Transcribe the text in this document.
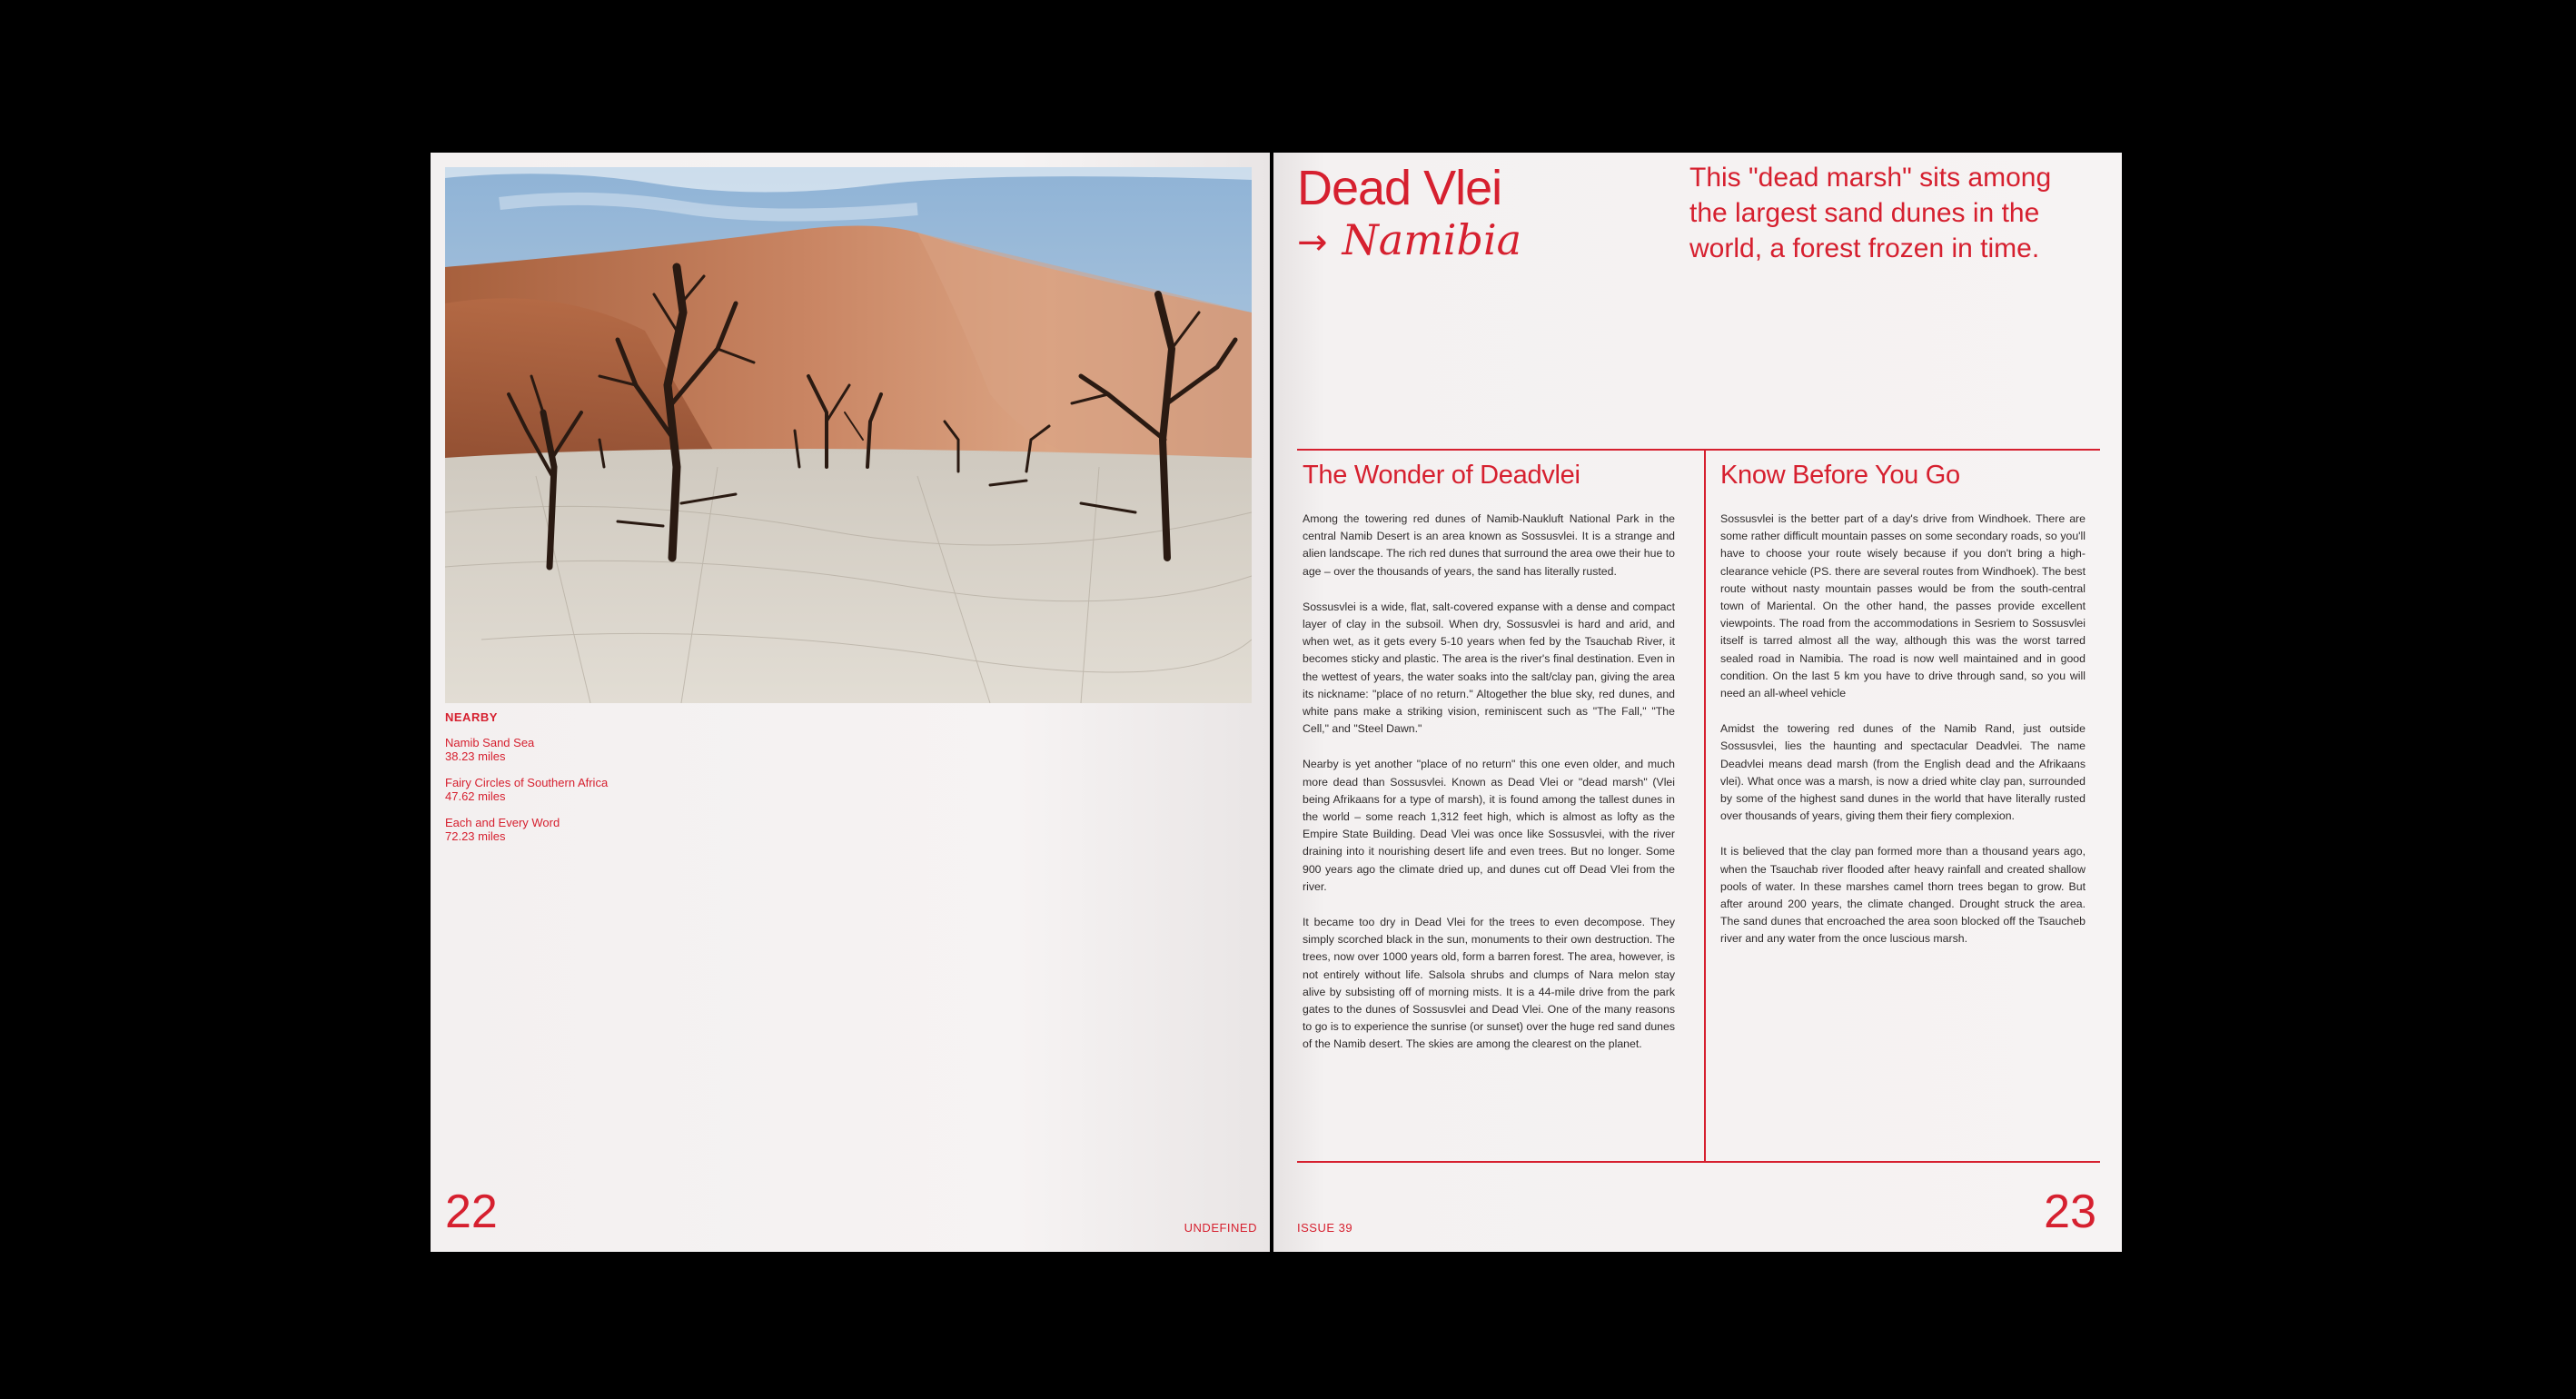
NEARBY
Namib Sand Sea
38.23 miles
Fairy Circles of Southern Africa
47.62 miles
Each and Every Word
72.23 miles
22	UNDEFINED
Dead Vlei
→ Namibia

This "dead marsh" sits among the largest sand dunes in the world, a forest frozen in time.

The Wonder of Deadvlei

Among the towering red dunes of Namib-Naukluft National Park in the central Namib Desert is an area known as Sossusvlei. It is a strange and alien landscape. The rich red dunes that surround the area owe their hue to age – over the thousands of years, the sand has literally rusted.

Sossusvlei is a wide, flat, salt-covered expanse with a dense and compact layer of clay in the subsoil. When dry, Sossusvlei is hard and arid, and when wet, as it gets every 5-10 years when fed by the Tsauchab River, it becomes sticky and plastic. The area is the river's final destination. Even in the wettest of years, the water soaks into the salt/clay pan, giving the area its nickname: "place of no return." Altogether the blue sky, red dunes, and white pans make a striking vision, reminiscent such as "The Fall," "The Cell," and "Steel Dawn."

Nearby is yet another "place of no return" this one even older, and much more dead than Sossusvlei. Known as Dead Vlei or "dead marsh" (Vlei being Afrikaans for a type of marsh), it is found among the tallest dunes in the world – some reach 1,312 feet high, which is almost as lofty as the Empire State Building. Dead Vlei was once like Sossusvlei, with the river draining into it nourishing desert life and even trees. But no longer. Some 900 years ago the climate dried up, and dunes cut off Dead Vlei from the river.

It became too dry in Dead Vlei for the trees to even decompose. They simply scorched black in the sun, monuments to their own destruction. The trees, now over 1000 years old, form a barren forest. The area, however, is not entirely without life. Salsola shrubs and clumps of Nara melon stay alive by subsisting off of morning mists. It is a 44-mile drive from the park gates to the dunes of Sossusvlei and Dead Vlei. One of the many reasons to go is to experience the sunrise (or sunset) over the huge red sand dunes of the Namib desert. The skies are among the clearest on the planet.

Know Before You Go

Sossusvlei is the better part of a day's drive from Windhoek. There are some rather difficult mountain passes on some secondary roads, so you'll have to choose your route wisely because if you don't bring a high-clearance vehicle (PS. there are several routes from Windhoek). The best route without nasty mountain passes would be from the south-central town of Mariental. On the other hand, the passes provide excellent viewpoints. The road from the accommodations in Sesriem to Sossusvlei itself is tarred almost all the way, although this was the worst tarred sealed road in Namibia. The road is now well maintained and in good condition. On the last 5 km you have to drive through sand, so you will need an all-wheel vehicle

Amidst the towering red dunes of the Namib Rand, just outside Sossusvlei, lies the haunting and spectacular Deadvlei. The name Deadvlei means dead marsh (from the English dead and the Afrikaans vlei). What once was a marsh, is now a dried white clay pan, surrounded by some of the highest sand dunes in the world that have literally rusted over thousands of years, giving them their fiery complexion.

It is believed that the clay pan formed more than a thousand years ago, when the Tsauchab river flooded after heavy rainfall and created shallow pools of water. In these marshes camel thorn trees began to grow. But after around 200 years, the climate changed. Drought struck the area. The sand dunes that encroached the area soon blocked off the Tsaucheb river and any water from the once luscious marsh.

ISSUE 39	23
